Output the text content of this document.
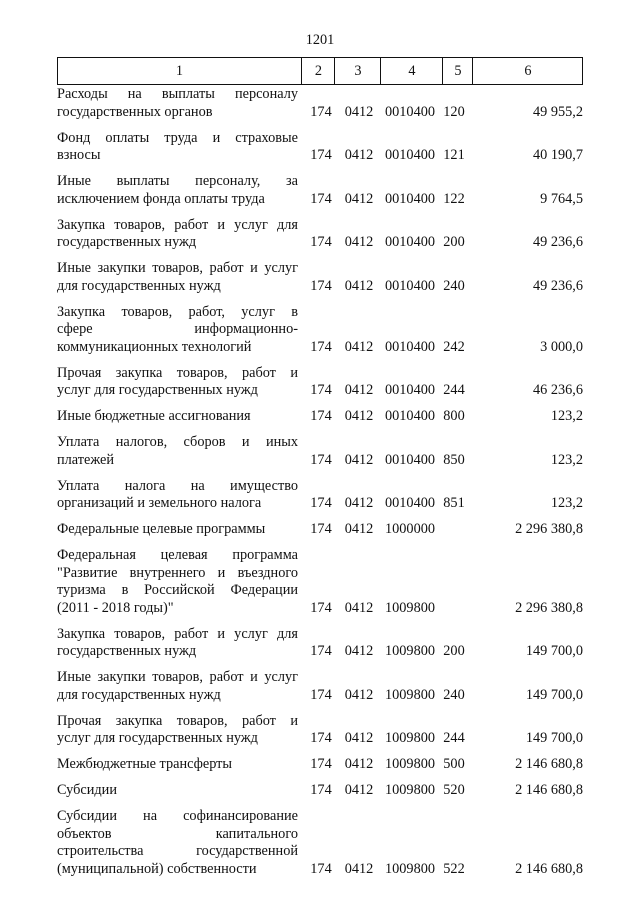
1201
1	2	3	4	5	6
Расходы на выплаты персоналу
государственных органов	174 0412 0010400 120	49 955,2
Фонд оплаты труда и страховые
взносы	174 0412 0010400 121	40 190,7
Иные выплаты персоналу, за
исключением фонда оплаты труда	174 0412 0010400 122	9 764,5
Закупка товаров, работ и услуг для
государственных нужд	174 0412 0010400 200	49 236,6
Иные закупки товаров, работ и услуг
для государственных нужд	174 0412 0010400 240	49 236,6
Закупка товаров, работ, услуг в
сфере информационно-
коммуникационных технологий	174 0412 0010400 242	3 000,0
Прочая закупка товаров, работ и
услуг для государственных нужд	174 0412 0010400 244	46 236,6
Иные бюджетные ассигнования	174 0412 0010400 800	123,2
Уплата налогов, сборов и иных
платежей	174 0412 0010400 850	123,2
Уплата налога на имущество
организаций и земельного налога	174 0412 0010400 851	123,2
Федеральные целевые программы	174 0412 1000000	2 296 380,8
Федеральная целевая программа
"Развитие внутреннего и въездного
туризма в Российской Федерации
(2011 - 2018 годы)"	174 0412 1009800	2 296 380,8
Закупка товаров, работ и услуг для
государственных нужд	174 0412 1009800 200	149 700,0
Иные закупки товаров, работ и услуг
для государственных нужд	174 0412 1009800 240	149 700,0
Прочая закупка товаров, работ и
услуг для государственных нужд	174 0412 1009800 244	149 700,0
Межбюджетные трансферты	174 0412 1009800 500	2 146 680,8
Субсидии	174 0412 1009800 520	2 146 680,8
Субсидии на софинансирование
объектов капитального
строительства государственной
(муниципальной) собственности	174 0412 1009800 522	2 146 680,8
